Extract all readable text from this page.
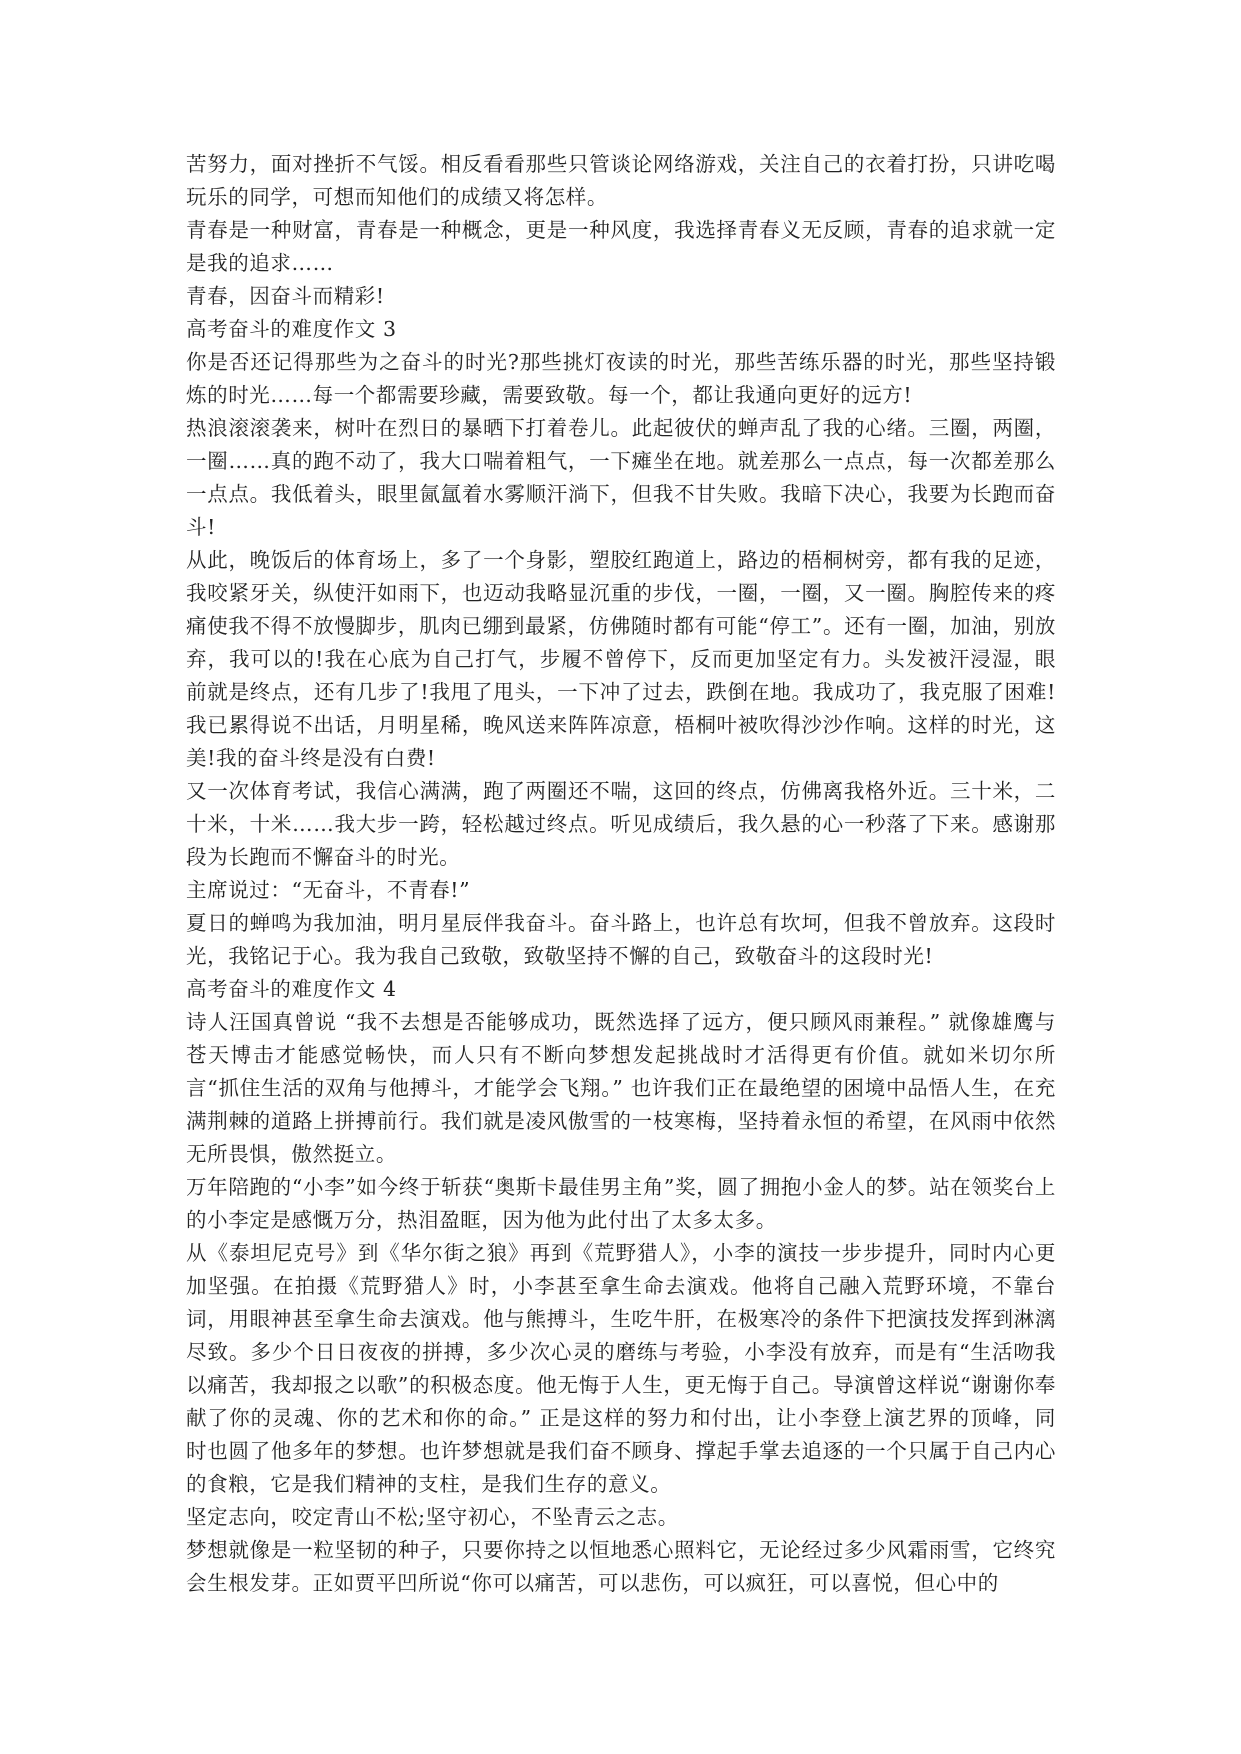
苦努力，面对挫折不气馁。相反看看那些只管谈论网络游戏，关注自己的衣着打扮，只讲吃喝玩乐的同学，可想而知他们的成绩又将怎样。

青春是一种财富，青春是一种概念，更是一种风度，我选择青春义无反顾，青春的追求就一定是我的追求……

青春，因奋斗而精彩!

高考奋斗的难度作文 3

你是否还记得那些为之奋斗的时光?那些挑灯夜读的时光，那些苦练乐器的时光，那些坚持锻炼的时光……每一个都需要珍藏，需要致敬。每一个，都让我通向更好的远方!

热浪滚滚袭来，树叶在烈日的暴晒下打着卷儿。此起彼伏的蝉声乱了我的心绪。三圈，两圈，一圈……真的跑不动了，我大口喘着粗气，一下瘫坐在地。就差那么一点点，每一次都差那么一点点。我低着头，眼里氤氲着水雾顺汗淌下，但我不甘失败。我暗下决心，我要为长跑而奋斗!

从此，晚饭后的体育场上，多了一个身影，塑胶红跑道上，路边的梧桐树旁，都有我的足迹，我咬紧牙关，纵使汗如雨下，也迈动我略显沉重的步伐，一圈，一圈，又一圈。胸腔传来的疼痛使我不得不放慢脚步，肌肉已绷到最紧，仿佛随时都有可能“停工”。还有一圈，加油，别放弃，我可以的!我在心底为自己打气，步履不曾停下，反而更加坚定有力。头发被汗浸湿，眼前就是终点，还有几步了!我甩了甩头，一下冲了过去，跌倒在地。我成功了，我克服了困难!我已累得说不出话，月明星稀，晚风送来阵阵凉意，梧桐叶被吹得沙沙作响。这样的时光，这美!我的奋斗终是没有白费!

又一次体育考试，我信心满满，跑了两圈还不喘，这回的终点，仿佛离我格外近。三十米，二十米，十米……我大步一跨，轻松越过终点。听见成绩后，我久悬的心一秒落了下来。感谢那段为长跑而不懈奋斗的时光。

主席说过：“无奋斗，不青春!”

夏日的蝉鸣为我加油，明月星辰伴我奋斗。奋斗路上，也许总有坎坷，但我不曾放弃。这段时光，我铭记于心。我为我自己致敬，致敬坚持不懈的自己，致敬奋斗的这段时光!

高考奋斗的难度作文 4

诗人汪国真曾说 “我不去想是否能够成功，既然选择了远方，便只顾风雨兼程。” 就像雄鹰与苍天博击才能感觉畅快，而人只有不断向梦想发起挑战时才活得更有价值。就如米切尔所言“抓住生活的双角与他搏斗，才能学会飞翔。” 也许我们正在最绝望的困境中品悟人生，在充满荆棘的道路上拼搏前行。我们就是凌风傲雪的一枝寒梅，坚持着永恒的希望，在风雨中依然无所畏惧，傲然挺立。

万年陪跑的“小李”如今终于斩获“奥斯卡最佳男主角”奖，圆了拥抱小金人的梦。站在领奖台上的小李定是感慨万分，热泪盈眶，因为他为此付出了太多太多。

从《泰坦尼克号》到《华尔街之狼》再到《荒野猎人》，小李的演技一步步提升，同时内心更加坚强。在拍摄《荒野猎人》时，小李甚至拿生命去演戏。他将自己融入荒野环境，不靠台词，用眼神甚至拿生命去演戏。他与熊搏斗，生吃牛肝，在极寒冷的条件下把演技发挥到淋漓尽致。多少个日日夜夜的拼搏，多少次心灵的磨练与考验，小李没有放弃，而是有“生活吻我以痛苦，我却报之以歌”的积极态度。他无悔于人生，更无悔于自己。导演曾这样说“谢谢你奉献了你的灵魂、你的艺术和你的命。” 正是这样的努力和付出，让小李登上演艺界的顶峰，同时也圆了他多年的梦想。也许梦想就是我们奋不顾身、撑起手掌去追逐的一个只属于自己内心的食粮，它是我们精神的支柱，是我们生存的意义。

坚定志向，咬定青山不松;坚守初心，不坠青云之志。

梦想就像是一粒坚韧的种子，只要你持之以恒地悉心照料它，无论经过多少风霜雨雪，它终究会生根发芽。正如贾平凹所说“你可以痛苦，可以悲伤，可以疯狂，可以喜悦，但心中的
